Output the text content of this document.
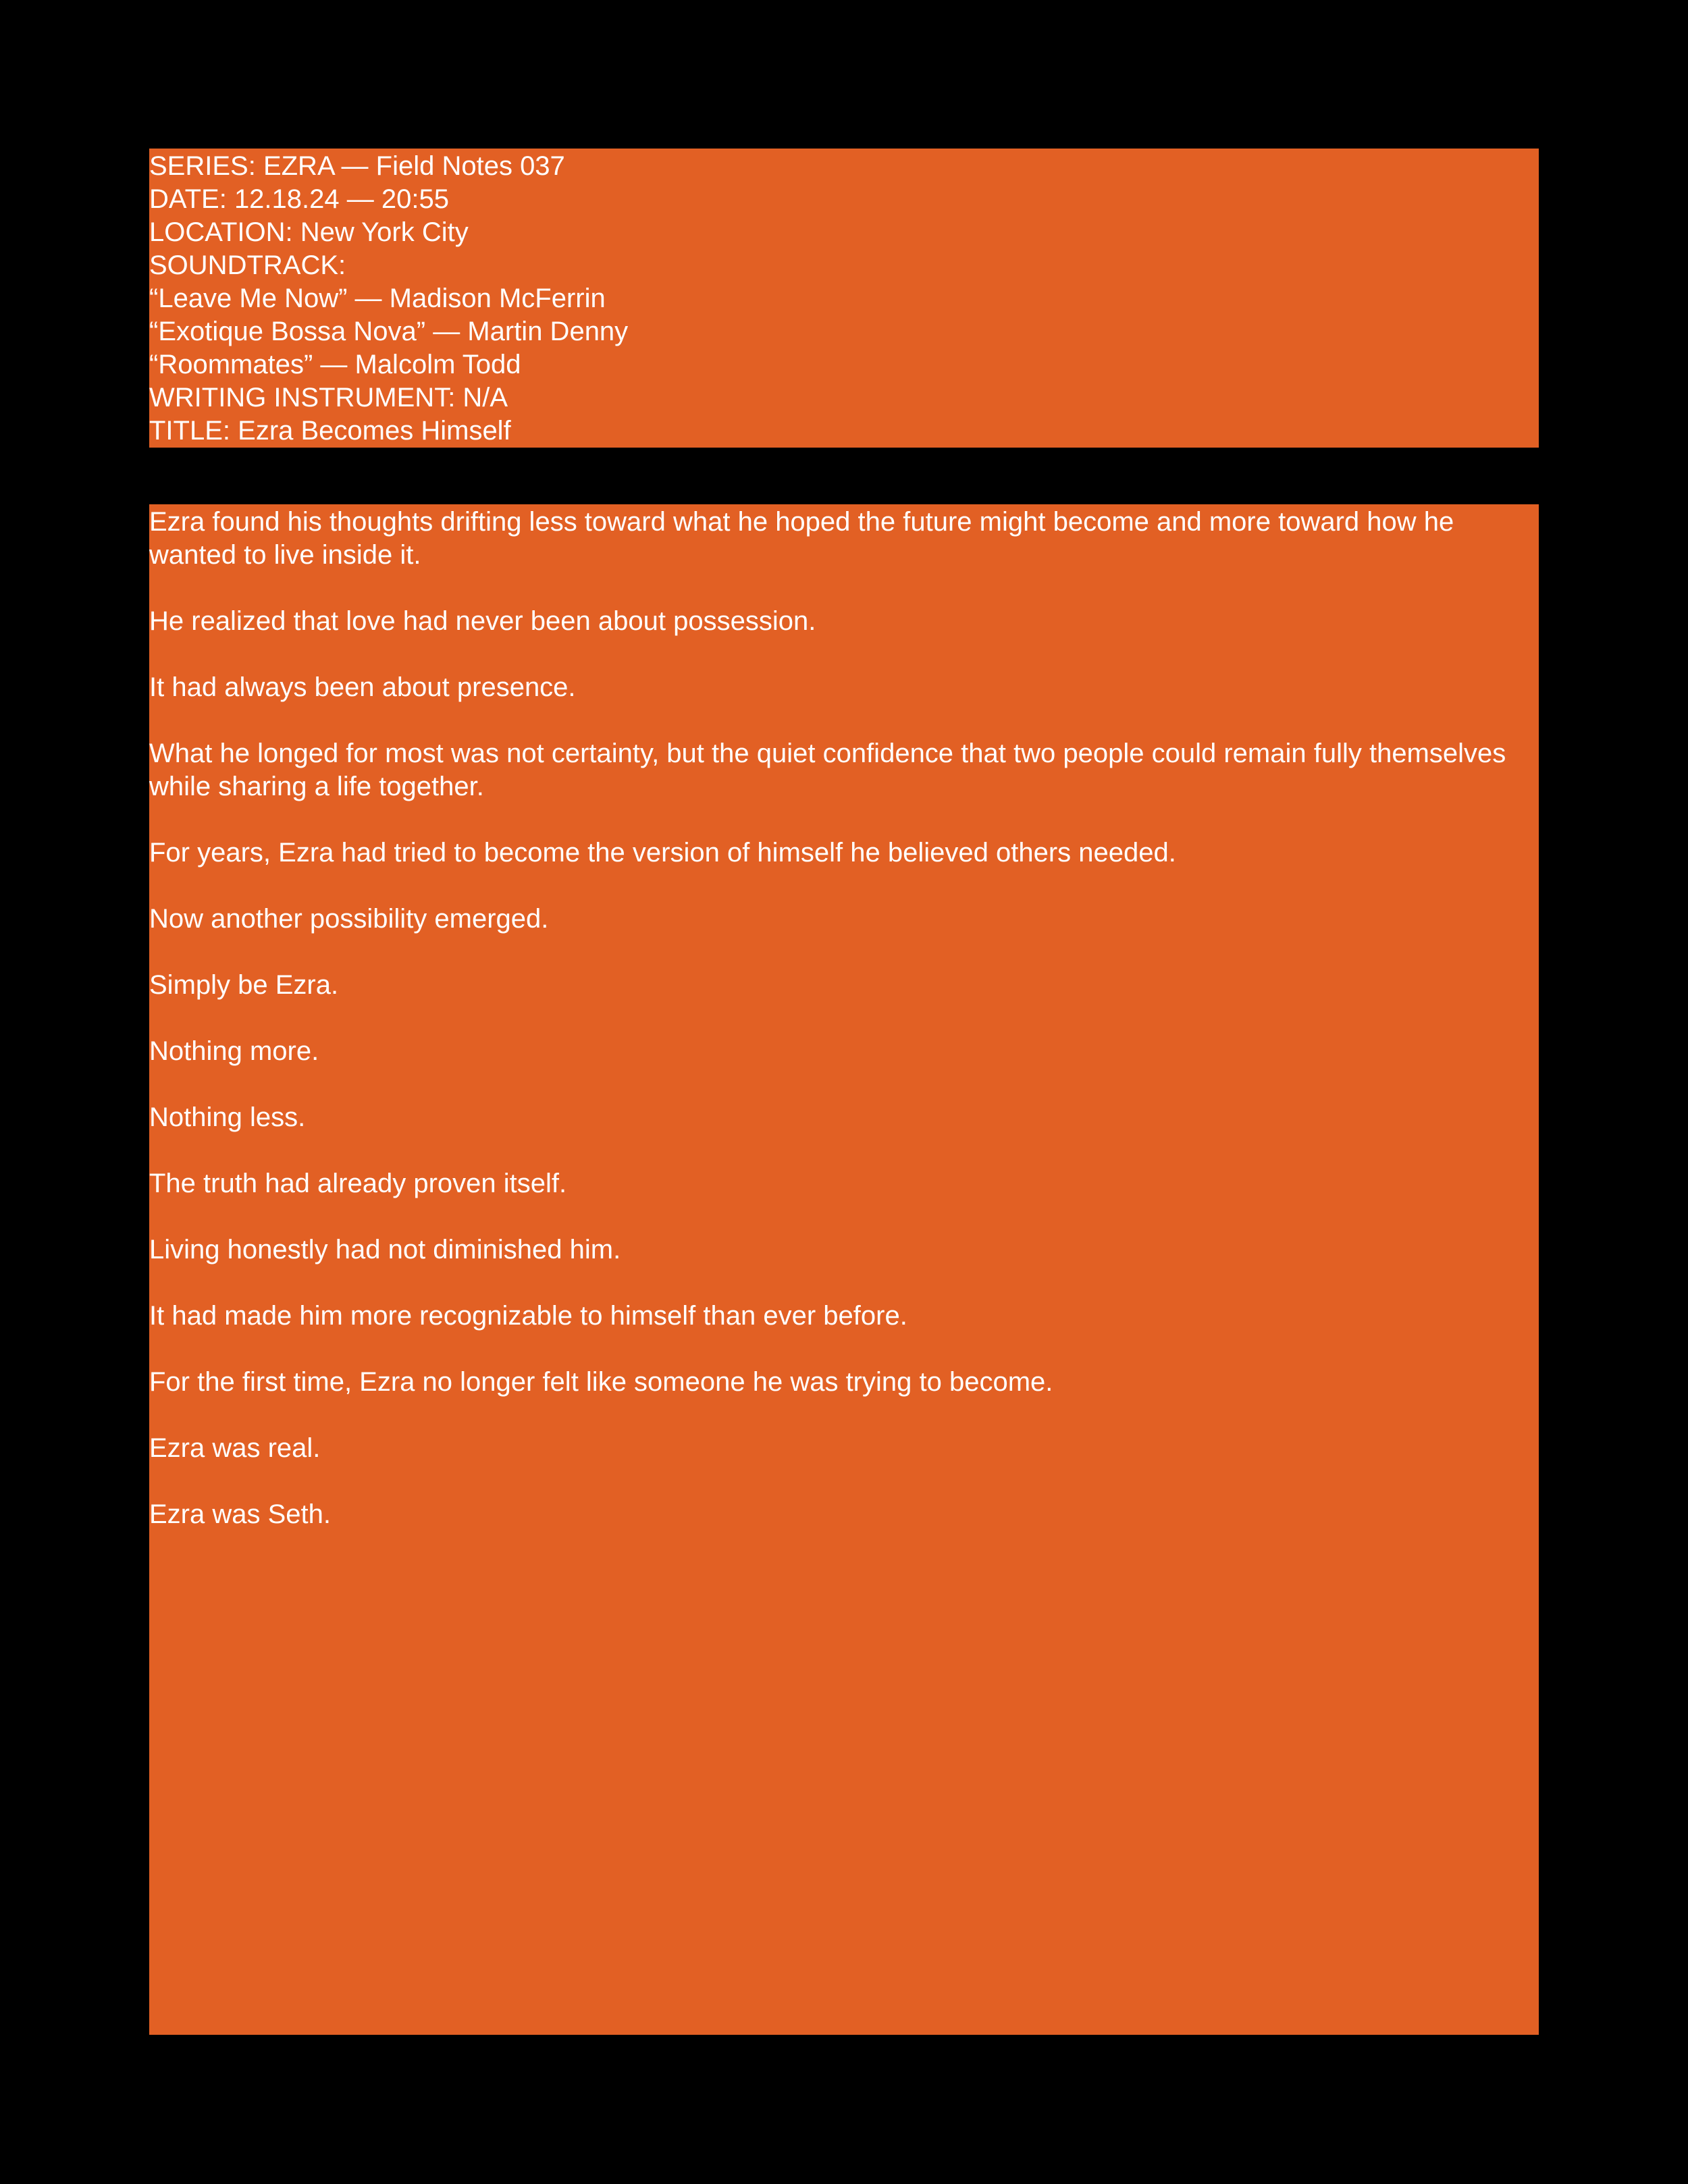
SERIES: EZRA — Field Notes 037

DATE: 12.18.24 — 20:55

LOCATION: New York City

SOUNDTRACK:

“Leave Me Now” — Madison McFerrin

“Exotique Bossa Nova” — Martin Denny

“Roommates” — Malcolm Todd

WRITING INSTRUMENT: N/A

TITLE: Ezra Becomes Himself

Ezra found his thoughts drifting less toward what he hoped the future might become and more toward how he wanted to live inside it.

He realized that love had never been about possession.

It had always been about presence.

What he longed for most was not certainty, but the quiet confidence that two people could remain fully themselves while sharing a life together.

For years, Ezra had tried to become the version of himself he believed others needed.

Now another possibility emerged.

Simply be Ezra.

Nothing more.

Nothing less.

The truth had already proven itself.

Living honestly had not diminished him.

It had made him more recognizable to himself than ever before.

For the first time, Ezra no longer felt like someone he was trying to become.

Ezra was real.

Ezra was Seth.
